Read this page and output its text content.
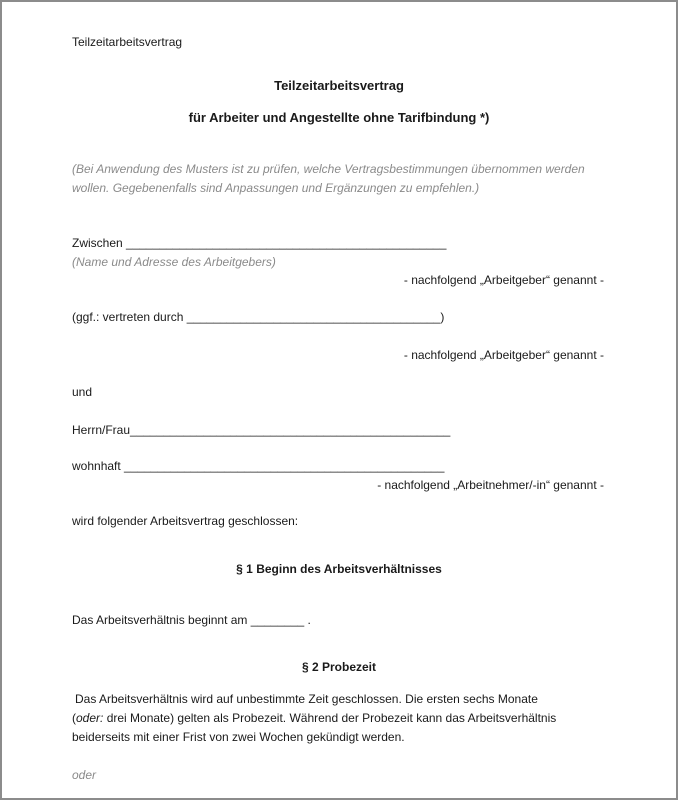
Teilzeitarbeitsvertrag
Teilzeitarbeitsvertrag
für Arbeiter und Angestellte ohne Tarifbindung *)
(Bei Anwendung des Musters ist zu prüfen, welche Vertragsbestimmungen übernommen werden
wollen. Gegebenenfalls sind Anpassungen und Ergänzungen zu empfehlen.)
Zwischen ________________________________________________
(Name und Adresse des Arbeitgebers)
- nachfolgend „Arbeitgeber“ genannt -
(ggf.: vertreten durch ______________________________________)
- nachfolgend „Arbeitgeber“ genannt -
und
Herrn/Frau________________________________________________
wohnhaft ________________________________________________
- nachfolgend „Arbeitnehmer/-in“ genannt -
wird folgender Arbeitsvertrag geschlossen:
§ 1 Beginn des Arbeitsverhältnisses
Das Arbeitsverhältnis beginnt am ________ .
§ 2 Probezeit
Das Arbeitsverhältnis wird auf unbestimmte Zeit geschlossen. Die ersten sechs Monate
(oder: drei Monate) gelten als Probezeit. Während der Probezeit kann das Arbeitsverhältnis
beiderseits mit einer Frist von zwei Wochen gekündigt werden.
oder
